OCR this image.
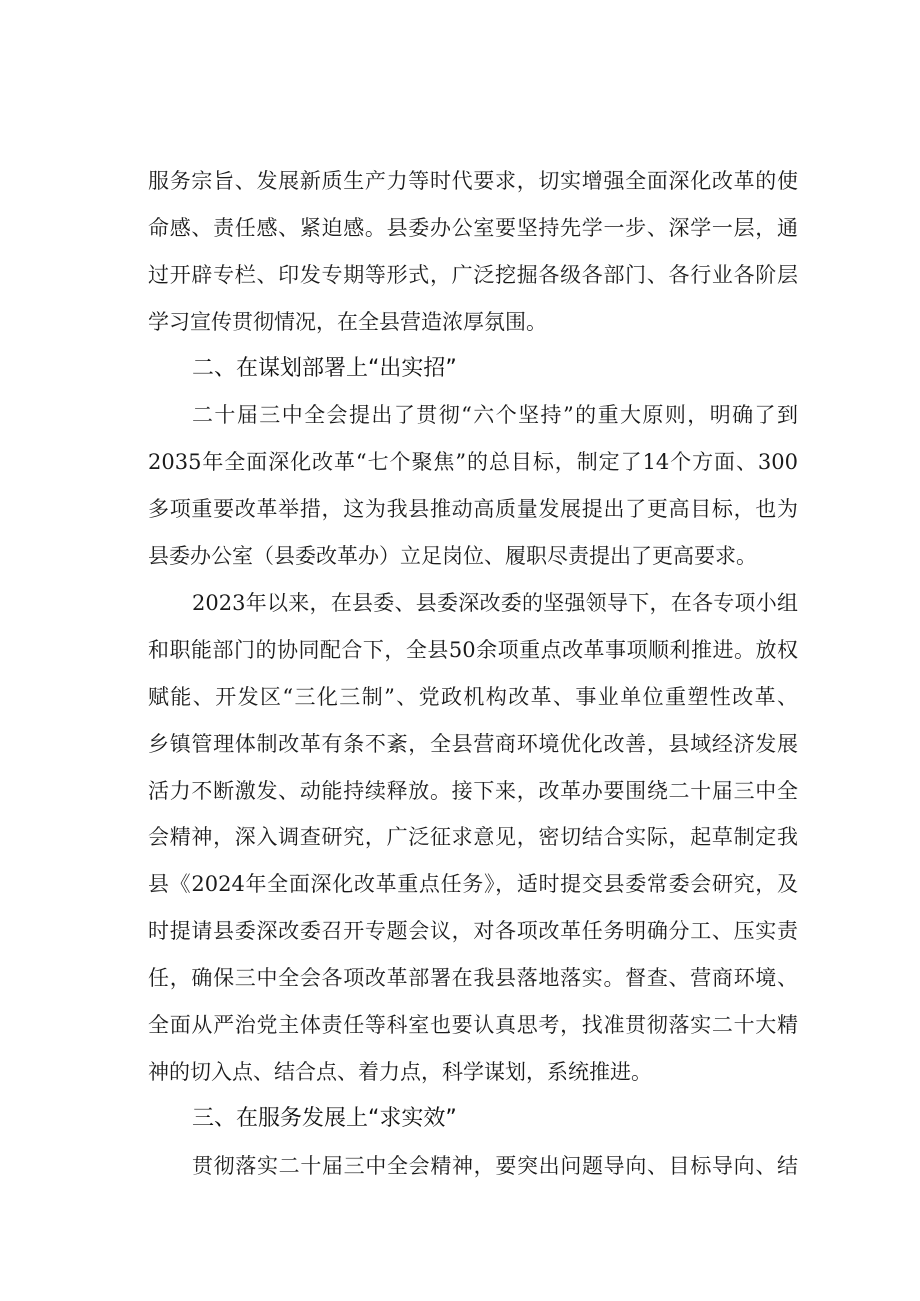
服务宗旨、发展新质生产力等时代要求，切实增强全面深化改革的使
命感、责任感、紧迫感。县委办公室要坚持先学一步、深学一层，通
过开辟专栏、印发专期等形式，广泛挖掘各级各部门、各行业各阶层
学习宣传贯彻情况，在全县营造浓厚氛围。
二、在谋划部署上“出实招”
二十届三中全会提出了贯彻“六个坚持”的重大原则，明确了到
2035年全面深化改革“七个聚焦”的总目标，制定了14个方面、300
多项重要改革举措，这为我县推动高质量发展提出了更高目标，也为
县委办公室（县委改革办）立足岗位、履职尽责提出了更高要求。
2023年以来，在县委、县委深改委的坚强领导下，在各专项小组
和职能部门的协同配合下，全县50余项重点改革事项顺利推进。放权
赋能、开发区“三化三制”、党政机构改革、事业单位重塑性改革、
乡镇管理体制改革有条不紊，全县营商环境优化改善，县域经济发展
活力不断激发、动能持续释放。接下来，改革办要围绕二十届三中全
会精神，深入调查研究，广泛征求意见，密切结合实际，起草制定我
县《2024年全面深化改革重点任务》，适时提交县委常委会研究，及
时提请县委深改委召开专题会议，对各项改革任务明确分工、压实责
任，确保三中全会各项改革部署在我县落地落实。督查、营商环境、
全面从严治党主体责任等科室也要认真思考，找准贯彻落实二十大精
神的切入点、结合点、着力点，科学谋划，系统推进。
三、在服务发展上“求实效”
贯彻落实二十届三中全会精神，要突出问题导向、目标导向、结
